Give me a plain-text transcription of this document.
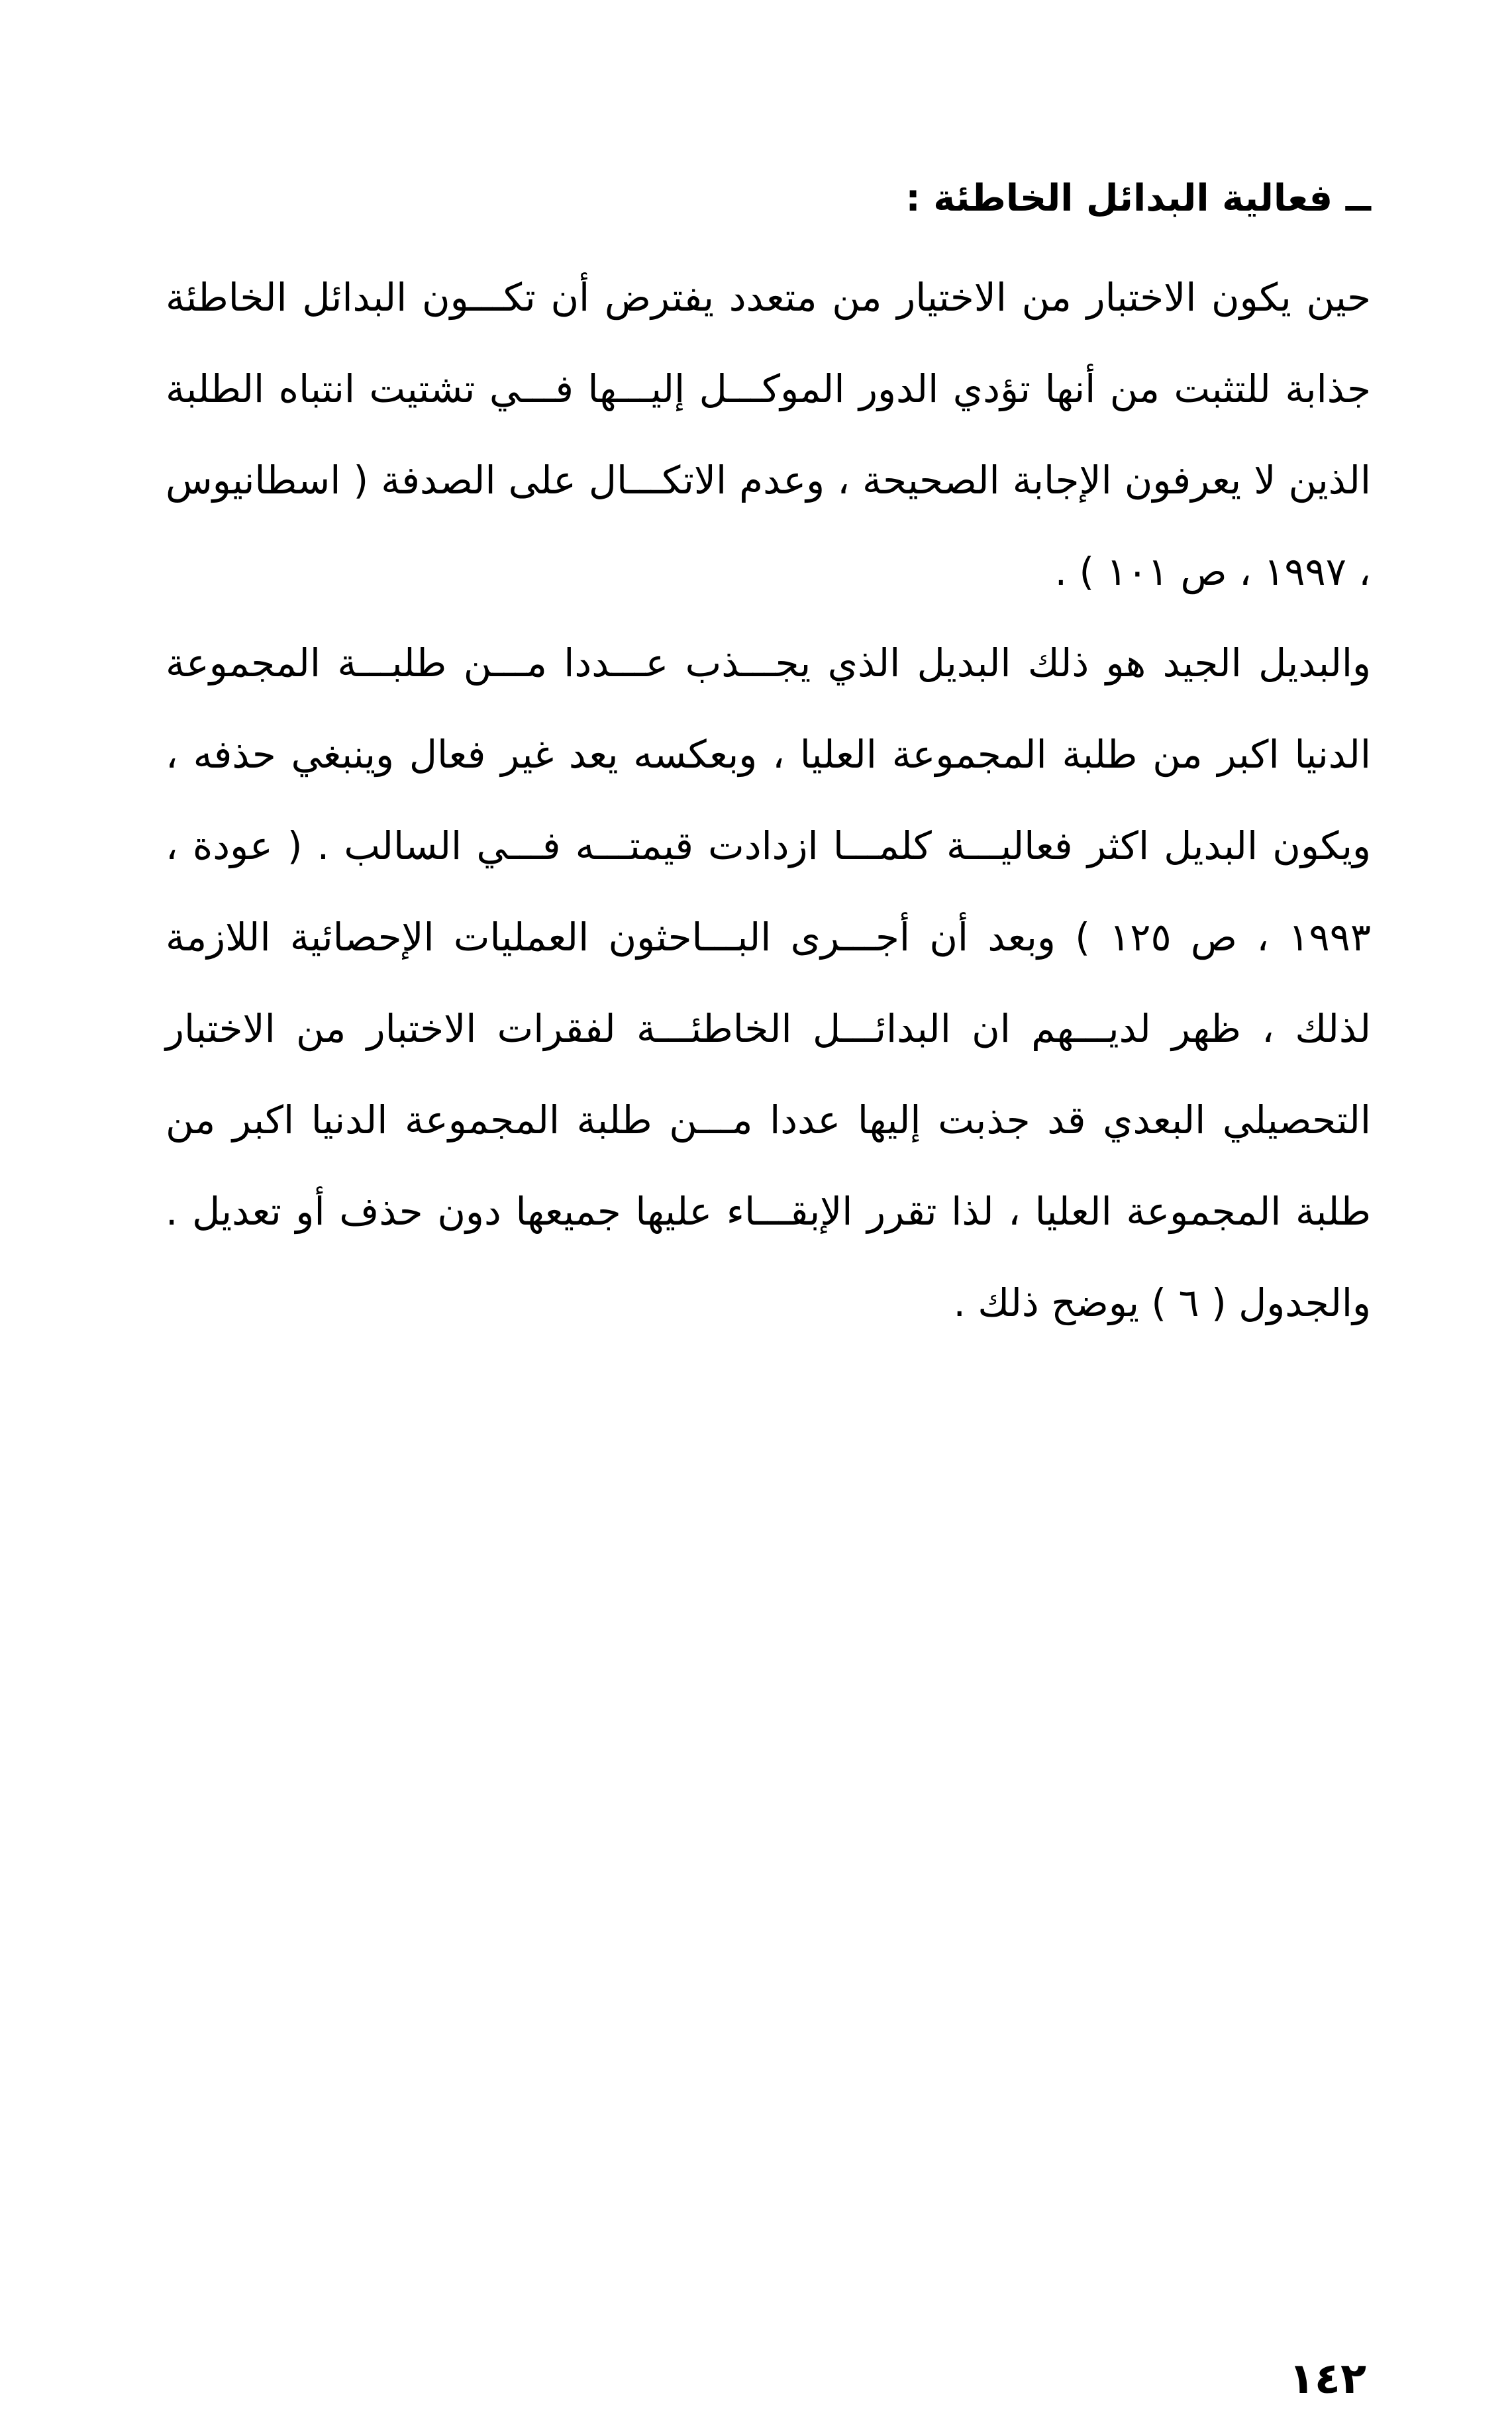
ــ فعالية البدائل الخاطئة :

حين يكون الاختبار من الاختيار من متعدد يفترض أن تكـــون البدائل الخاطئة جذابة للتثبت من أنها تؤدي الدور الموكـــل إليـــها فـــي تشتيت انتباه الطلبة الذين لا يعرفون الإجابة الصحيحة ، وعدم الاتكـــال على الصدفة ( اسطانيوس ، ١٩٩٧ ، ص ١٠١ ) .

والبديل الجيد هو ذلك البديل الذي يجـــذب عـــددا مـــن طلبـــة المجموعة الدنيا اكبر من طلبة المجموعة العليا ، وبعكسه يعد غير فعال وينبغي حذفه ، ويكون البديل اكثر فعاليـــة كلمـــا ازدادت قيمتـــه فـــي السالب . ( عودة ، ١٩٩٣ ، ص ١٢٥ ) وبعد أن أجـــرى البـــاحثون العمليات الإحصائية اللازمة لذلك ، ظهر لديـــهم ان البدائـــل الخاطئـــة لفقرات الاختبار من الاختبار التحصيلي البعدي قد جذبت إليها عددا مـــن طلبة المجموعة الدنيا اكبر من طلبة المجموعة العليا ، لذا تقرر الإبقـــاء عليها جميعها دون حذف أو تعديل . والجدول ( ٦ ) يوضح ذلك .

١٤٢
